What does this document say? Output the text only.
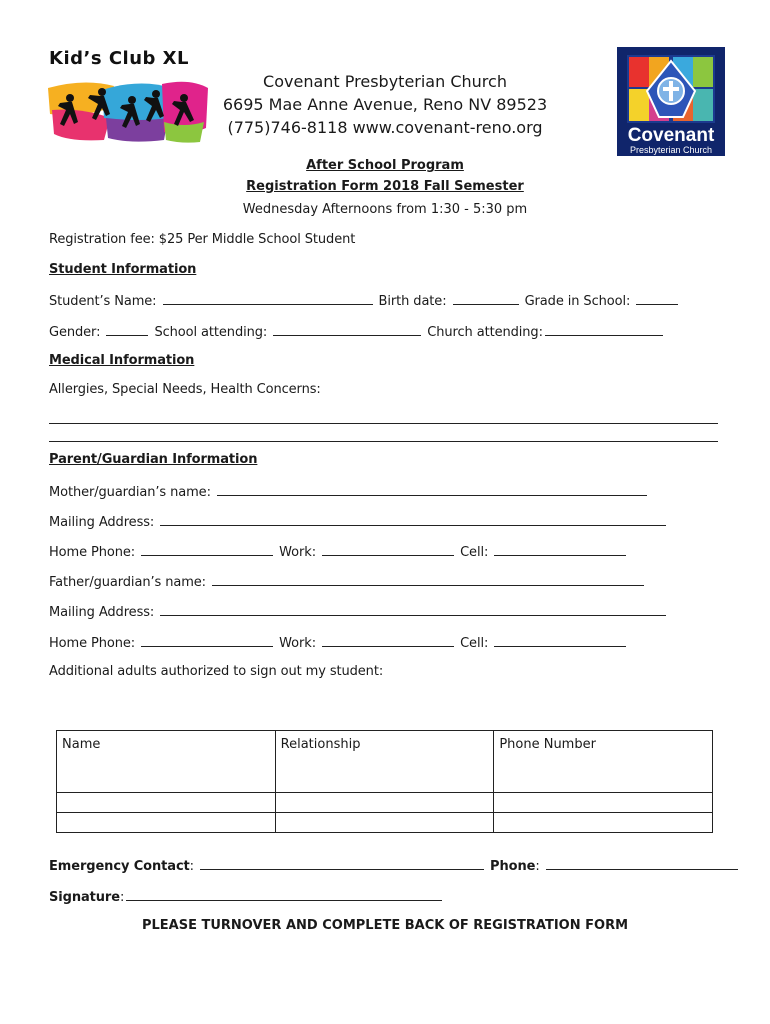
Kid’s Club XL
Covenant
Presbyterian Church
Covenant Presbyterian Church
6695 Mae Anne Avenue, Reno NV 89523
(775)746-8118 www.covenant-reno.org
After School Program
Registration Form 2018 Fall Semester
Wednesday Afternoons from 1:30 - 5:30 pm
Registration fee: $25 Per Middle School Student
Student Information
Student’s Name:	Birth date:	Grade in School:
Gender:	School attending:	Church attending:
Medical Information
Allergies, Special Needs, Health Concerns:
Parent/Guardian Information
Mother/guardian’s name:
Mailing Address:
Home Phone:	Work:	Cell:
Father/guardian’s name:
Mailing Address:
Home Phone:	Work:	Cell:
Additional adults authorized to sign out my student:
Name	Relationship	Phone Number

Emergency Contact:	Phone:
Signature:
PLEASE TURNOVER AND COMPLETE BACK OF REGISTRATION FORM
